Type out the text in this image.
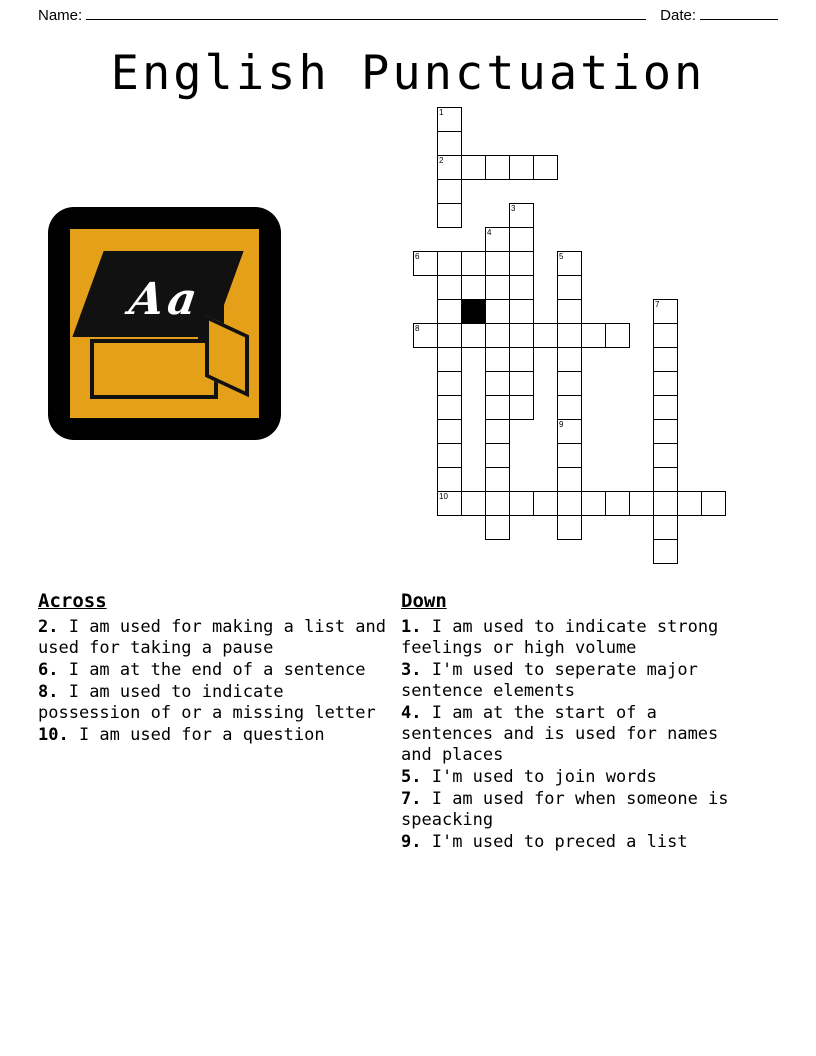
Name:	Date:
English Punctuation
Aa
1
2
3
4
6	5
7
8
9
10
Across
2. I am used for making a list and used for taking a pause
6. I am at the end of a sentence
8. I am used to indicate possession of or a missing letter
10. I am used for a question
Down
1. I am used to indicate strong feelings or high volume
3. I'm used to seperate major sentence elements
4. I am at the start of a sentences and is used for names and places
5. I'm used to join words
7. I am used for when someone is speacking
9. I'm used to preced a list
